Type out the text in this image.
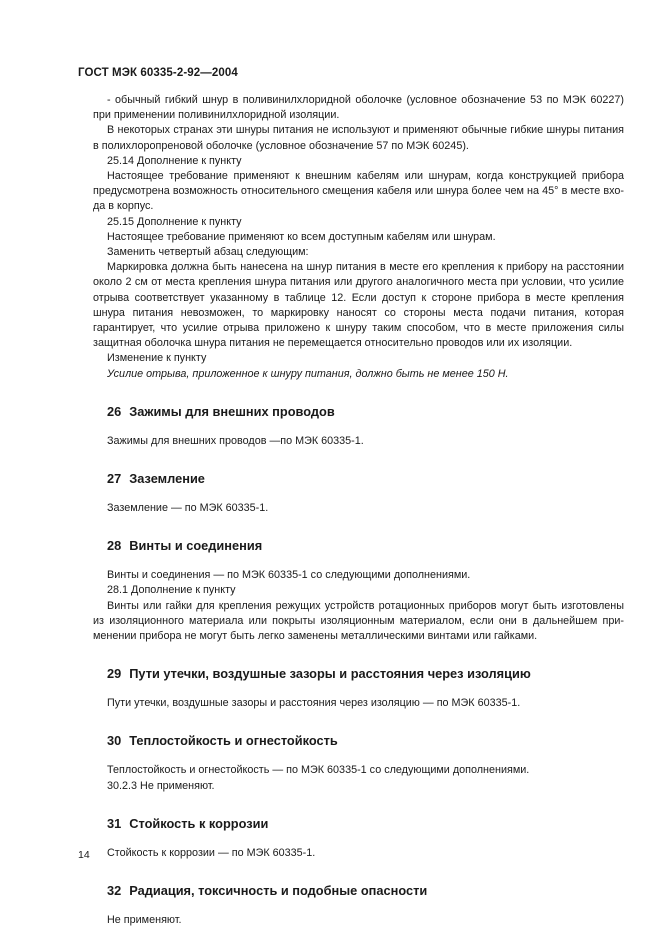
ГОСТ МЭК 60335-2-92—2004

- обычный гибкий шнур в поливинилхлоридной оболочке (условное обозначение 53 по МЭК 60227) при применении поливинилхлоридной изоляции.

В некоторых странах эти шнуры питания не используют и применяют обычные гибкие шнуры питания в полихлоропреновой оболочке (условное обозначение 57 по МЭК 60245).

25.14 Дополнение к пункту

Настоящее требование применяют к внешним кабелям или шнурам, когда конструкцией прибора предусмотрена возможность относительного смещения кабеля или шнура более чем на 45° в месте входа в корпус.

25.15 Дополнение к пункту

Настоящее требование применяют ко всем доступным кабелям или шнурам.

Заменить четвертый абзац следующим:

Маркировка должна быть нанесена на шнур питания в месте его крепления к прибору на расстоянии около 2 см от места крепления шнура питания или другого аналогичного места при условии, что усилие отрыва соответствует указанному в таблице 12. Если доступ к стороне прибора в месте крепления шнура питания невозможен, то маркировку наносят со стороны места подачи питания, которая гарантирует, что усилие отрыва приложено к шнуру таким способом, что в месте приложения силы защитная оболочка шнура питания не перемещается относительно проводов или их изоляции.

Изменение к пункту

Усилие отрыва, приложенное к шнуру питания, должно быть не менее 150 Н.

26 Зажимы для внешних проводов

Зажимы для внешних проводов —по МЭК 60335-1.

27 Заземление

Заземление — по МЭК 60335-1.

28 Винты и соединения

Винты и соединения — по МЭК 60335-1 со следующими дополнениями.

28.1 Дополнение к пункту

Винты или гайки для крепления режущих устройств ротационных приборов могут быть изготовлены из изоляционного материала или покрыты изоляционным материалом, если они в дальнейшем применении прибора не могут быть легко заменены металлическими винтами или гайками.

29 Пути утечки, воздушные зазоры и расстояния через изоляцию

Пути утечки, воздушные зазоры и расстояния через изоляцию — по МЭК 60335-1.

30 Теплостойкость и огнестойкость

Теплостойкость и огнестойкость — по МЭК 60335-1 со следующими дополнениями.

30.2.3 Не применяют.

31 Стойкость к коррозии

Стойкость к коррозии — по МЭК 60335-1.

32 Радиация, токсичность и подобные опасности

Не применяют.

14
